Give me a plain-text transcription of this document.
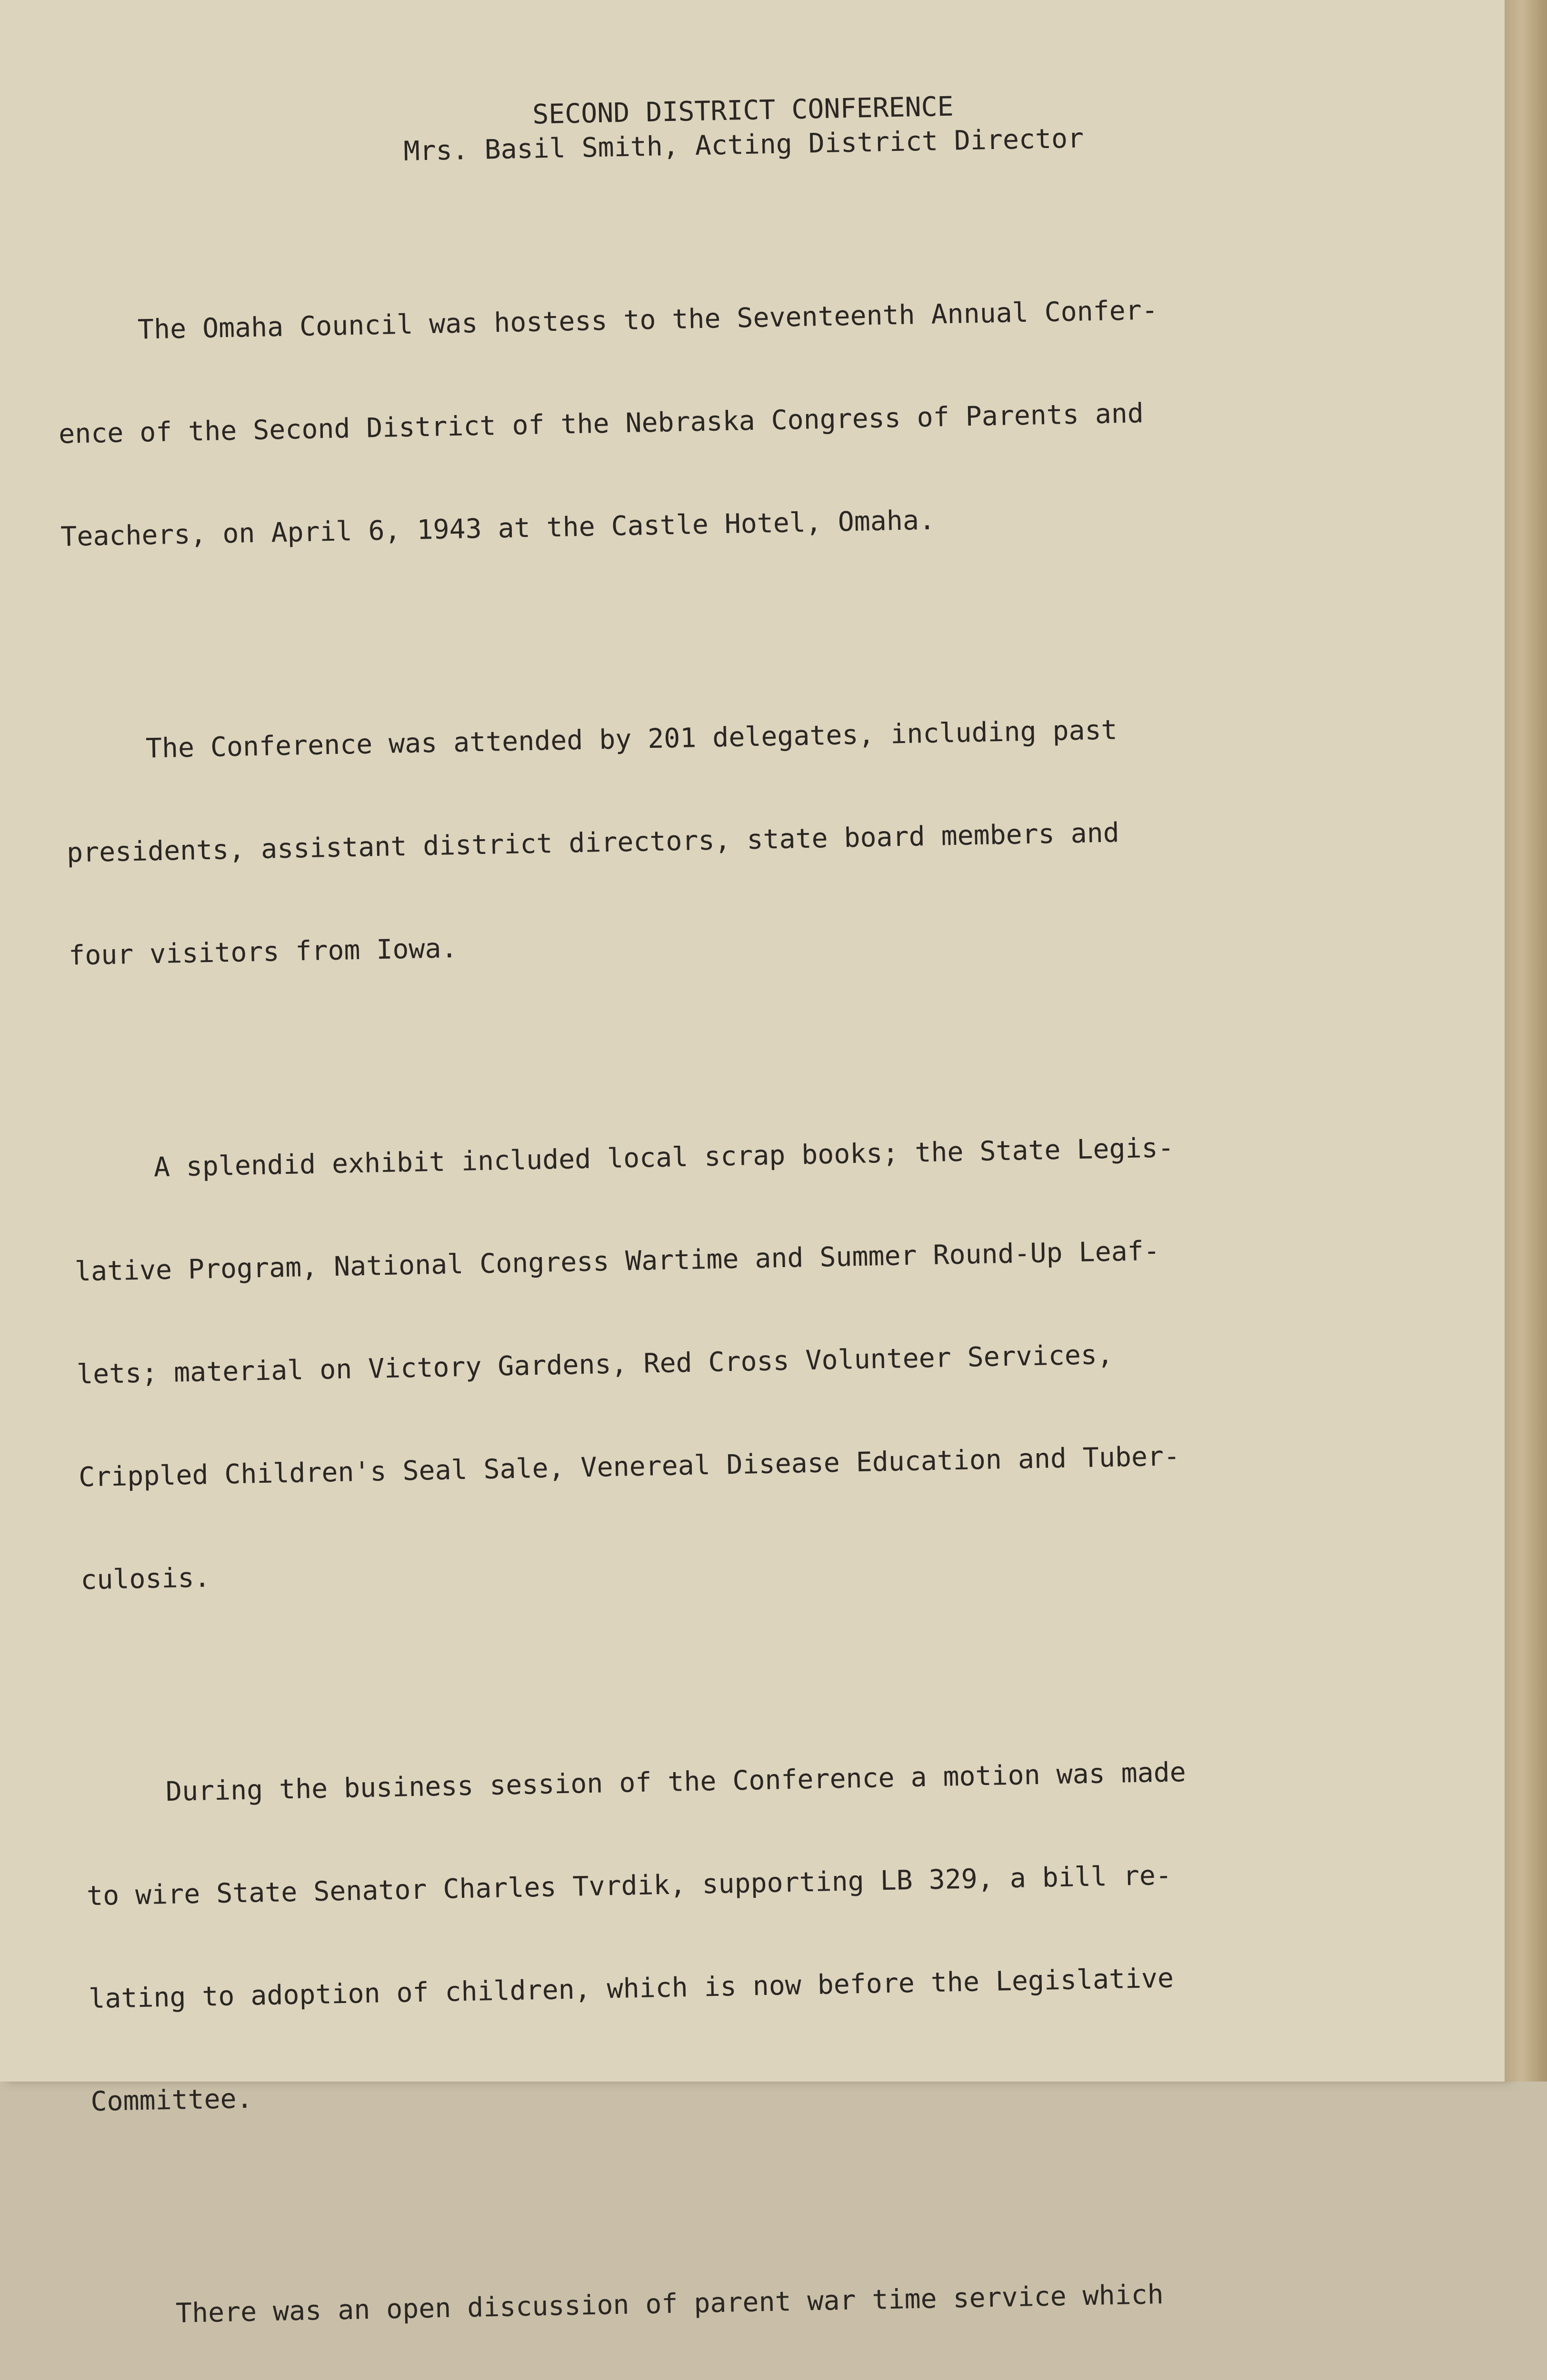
SECOND DISTRICT CONFERENCE
Mrs. Basil Smith, Acting District Director

The Omaha Council was hostess to the Seventeenth Annual Confer-

ence of the Second District of the Nebraska Congress of Parents and

Teachers, on April 6, 1943 at the Castle Hotel, Omaha.

The Conference was attended by 201 delegates, including past

presidents, assistant district directors, state board members and

four visitors from Iowa.

A splendid exhibit included local scrap books; the State Legis-

lative Program, National Congress Wartime and Summer Round-Up Leaf-

lets; material on Victory Gardens, Red Cross Volunteer Services,

Crippled Children's Seal Sale, Venereal Disease Education and Tuber-

culosis.

During the business session of the Conference a motion was made

to wire State Senator Charles Tvrdik, supporting LB 329, a bill re-

lating to adoption of children, which is now before the Legislative

Committee.

There was an open discussion of parent war time service which
